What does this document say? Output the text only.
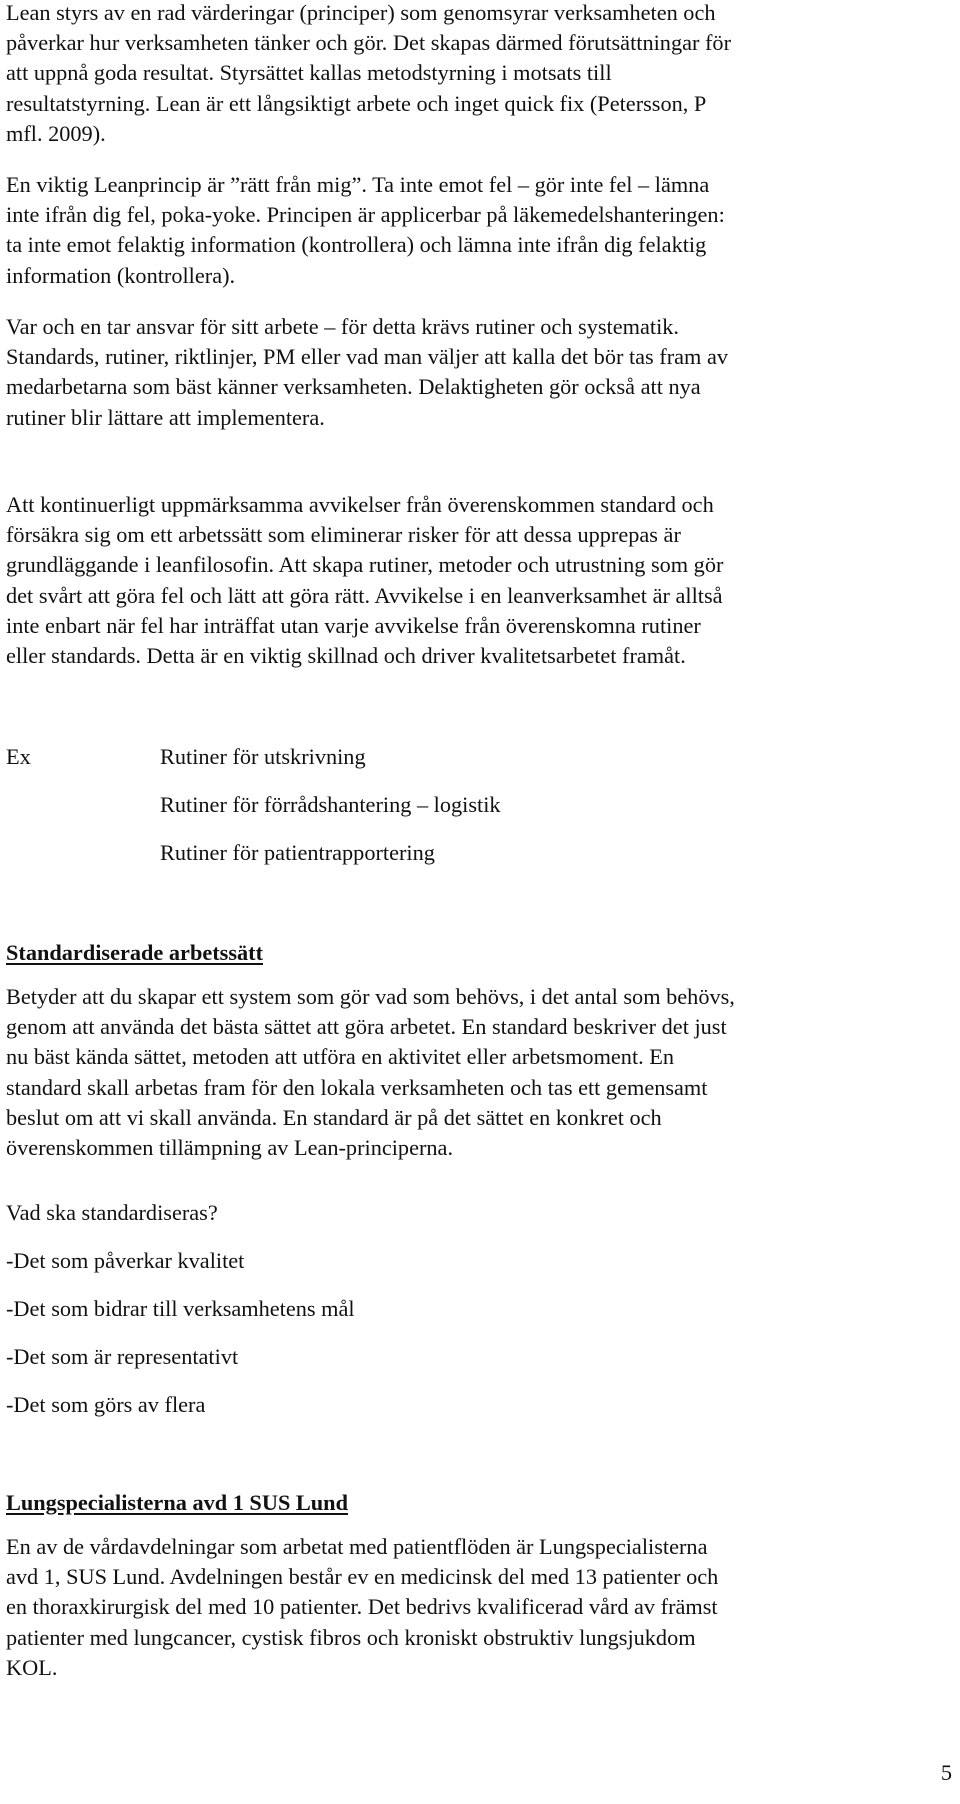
Lean styrs av en rad värderingar (principer) som genomsyrar verksamheten och
påverkar hur verksamheten tänker och gör. Det skapas därmed förutsättningar för
att uppnå goda resultat. Styrsättet kallas metodstyrning i motsats till
resultatstyrning. Lean är ett långsiktigt arbete och inget quick fix (Petersson, P
mfl. 2009).

En viktig Leanprincip är ”rätt från mig”. Ta inte emot fel – gör inte fel – lämna
inte ifrån dig fel, poka-yoke. Principen är applicerbar på läkemedelshanteringen:
ta inte emot felaktig information (kontrollera) och lämna inte ifrån dig felaktig
information (kontrollera).

Var och en tar ansvar för sitt arbete – för detta krävs rutiner och systematik.
Standards, rutiner, riktlinjer, PM eller vad man väljer att kalla det bör tas fram av
medarbetarna som bäst känner verksamheten. Delaktigheten gör också att nya
rutiner blir lättare att implementera.

Att kontinuerligt uppmärksamma avvikelser från överenskommen standard och
försäkra sig om ett arbetssätt som eliminerar risker för att dessa upprepas är
grundläggande i leanfilosofin. Att skapa rutiner, metoder och utrustning som gör
det svårt att göra fel och lätt att göra rätt. Avvikelse i en leanverksamhet är alltså
inte enbart när fel har inträffat utan varje avvikelse från överenskomna rutiner
eller standards. Detta är en viktig skillnad och driver kvalitetsarbetet framåt.

Ex	Rutiner för utskrivning
Rutiner för förrådshantering – logistik
Rutiner för patientrapportering
Standardiserade arbetssätt

Betyder att du skapar ett system som gör vad som behövs, i det antal som behövs,
genom att använda det bästa sättet att göra arbetet. En standard beskriver det just
nu bäst kända sättet, metoden att utföra en aktivitet eller arbetsmoment. En
standard skall arbetas fram för den lokala verksamheten och tas ett gemensamt
beslut om att vi skall använda. En standard är på det sättet en konkret och
överenskommen tillämpning av Lean-principerna.

Vad ska standardiseras?
-Det som påverkar kvalitet
-Det som bidrar till verksamhetens mål
-Det som är representativt
-Det som görs av flera
Lungspecialisterna avd 1 SUS Lund

En av de vårdavdelningar som arbetat med patientflöden är Lungspecialisterna
avd 1, SUS Lund. Avdelningen består ev en medicinsk del med 13 patienter och
en thoraxkirurgisk del med 10 patienter. Det bedrivs kvalificerad vård av främst
patienter med lungcancer, cystisk fibros och kroniskt obstruktiv lungsjukdom
KOL.

5
